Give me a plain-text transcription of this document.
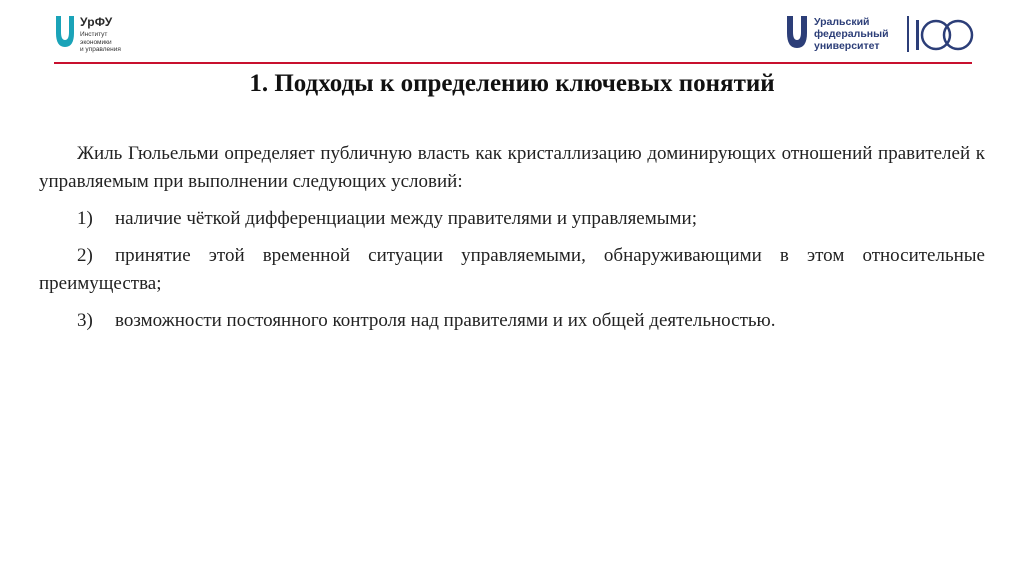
УрФУ
Институт
экономики
и управления
Уральский
федеральный
университет
1. Подходы к определению ключевых понятий

Жиль Гюльельми определяет публичную власть как кристаллизацию доминирующих отношений правителей к управляемым при выполнении следующих условий:

1) наличие чёткой дифференциации между правителями и управляемыми;

2) принятие этой временной ситуации управляемыми, обнаруживающими в этом относительные преимущества;

3) возможности постоянного контроля над правителями и их общей деятельностью.
